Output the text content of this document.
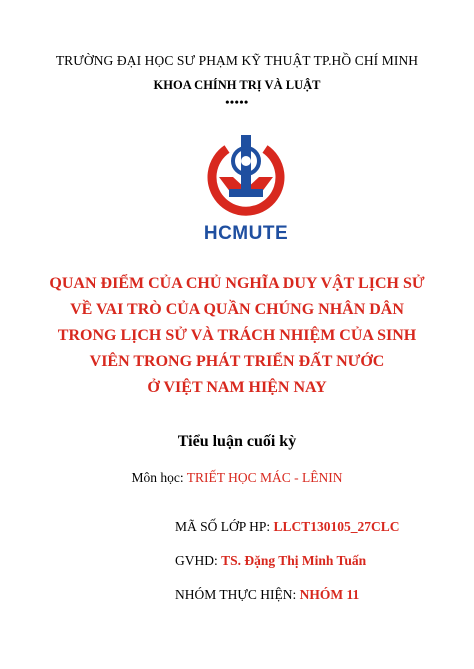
TRƯỜNG ĐẠI HỌC SƯ PHẠM KỸ THUẬT TP.HỒ CHÍ MINH
KHOA CHÍNH TRỊ VÀ LUẬT
•••••
HCMUTE
QUAN ĐIỂM CỦA CHỦ NGHĨA DUY VẬT LỊCH SỬ
VỀ VAI TRÒ CỦA QUẦN CHÚNG NHÂN DÂN
TRONG LỊCH SỬ VÀ TRÁCH NHIỆM CỦA SINH
VIÊN TRONG PHÁT TRIỂN ĐẤT NƯỚC
Ở VIỆT NAM HIỆN NAY
Tiểu luận cuối kỳ
Môn học: TRIẾT HỌC MÁC - LÊNIN
MÃ SỐ LỚP HP: LLCT130105_27CLC
GVHD: TS. Đặng Thị Minh Tuấn
NHÓM THỰC HIỆN: NHÓM 11
